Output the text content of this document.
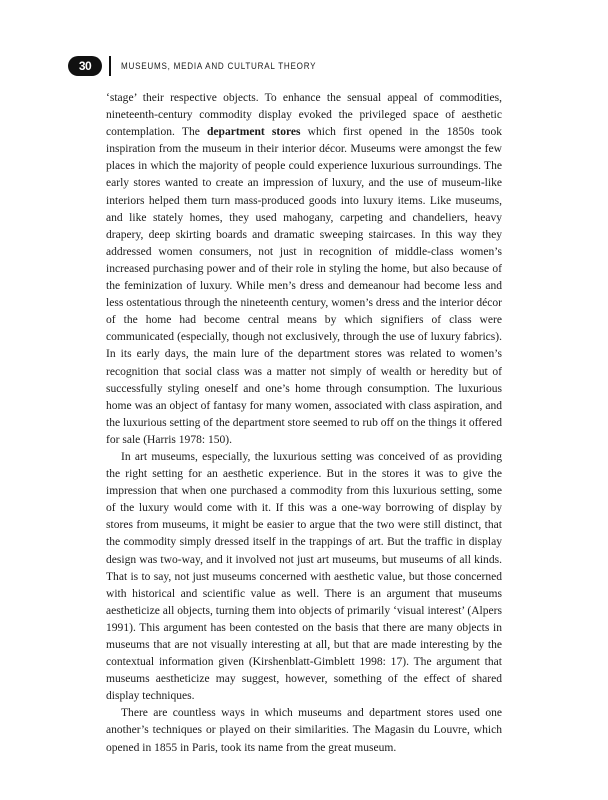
30	MUSEUMS, MEDIA AND CULTURAL THEORY

‘stage’ their respective objects. To enhance the sensual appeal of commodities, nineteenth-century commodity display evoked the privileged space of aesthetic contemplation. The department stores which first opened in the 1850s took inspiration from the museum in their interior décor. Museums were amongst the few places in which the majority of people could experience luxurious surroundings. The early stores wanted to create an impression of luxury, and the use of museum-like interiors helped them turn mass-produced goods into luxury items. Like museums, and like stately homes, they used mahogany, carpeting and chandeliers, heavy drapery, deep skirting boards and dramatic sweeping staircases. In this way they addressed women consumers, not just in recognition of middle-class women’s increased purchasing power and of their role in styling the home, but also because of the feminization of luxury. While men’s dress and demeanour had become less and less ostentatious through the nineteenth century, women’s dress and the interior décor of the home had become central means by which signifiers of class were communicated (especially, though not exclusively, through the use of luxury fabrics). In its early days, the main lure of the department stores was related to women’s recognition that social class was a matter not simply of wealth or heredity but of successfully styling oneself and one’s home through consumption. The luxurious home was an object of fantasy for many women, associated with class aspiration, and the luxurious setting of the department store seemed to rub off on the things it offered for sale (Harris 1978: 150).

In art museums, especially, the luxurious setting was conceived of as providing the right setting for an aesthetic experience. But in the stores it was to give the impression that when one purchased a commodity from this luxurious setting, some of the luxury would come with it. If this was a one-way borrowing of display by stores from museums, it might be easier to argue that the two were still distinct, that the commodity simply dressed itself in the trappings of art. But the traffic in display design was two-way, and it involved not just art museums, but museums of all kinds. That is to say, not just museums concerned with aesthetic value, but those concerned with historical and scientific value as well. There is an argument that museums aestheticize all objects, turning them into objects of primarily ‘visual interest’ (Alpers 1991). This argument has been contested on the basis that there are many objects in museums that are not visually interesting at all, but that are made interesting by the contextual information given (Kirshenblatt-Gimblett 1998: 17). The argument that museums aestheticize may suggest, however, something of the effect of shared display techniques.

There are countless ways in which museums and department stores used one another’s techniques or played on their similarities. The Magasin du Louvre, which opened in 1855 in Paris, took its name from the great museum.
